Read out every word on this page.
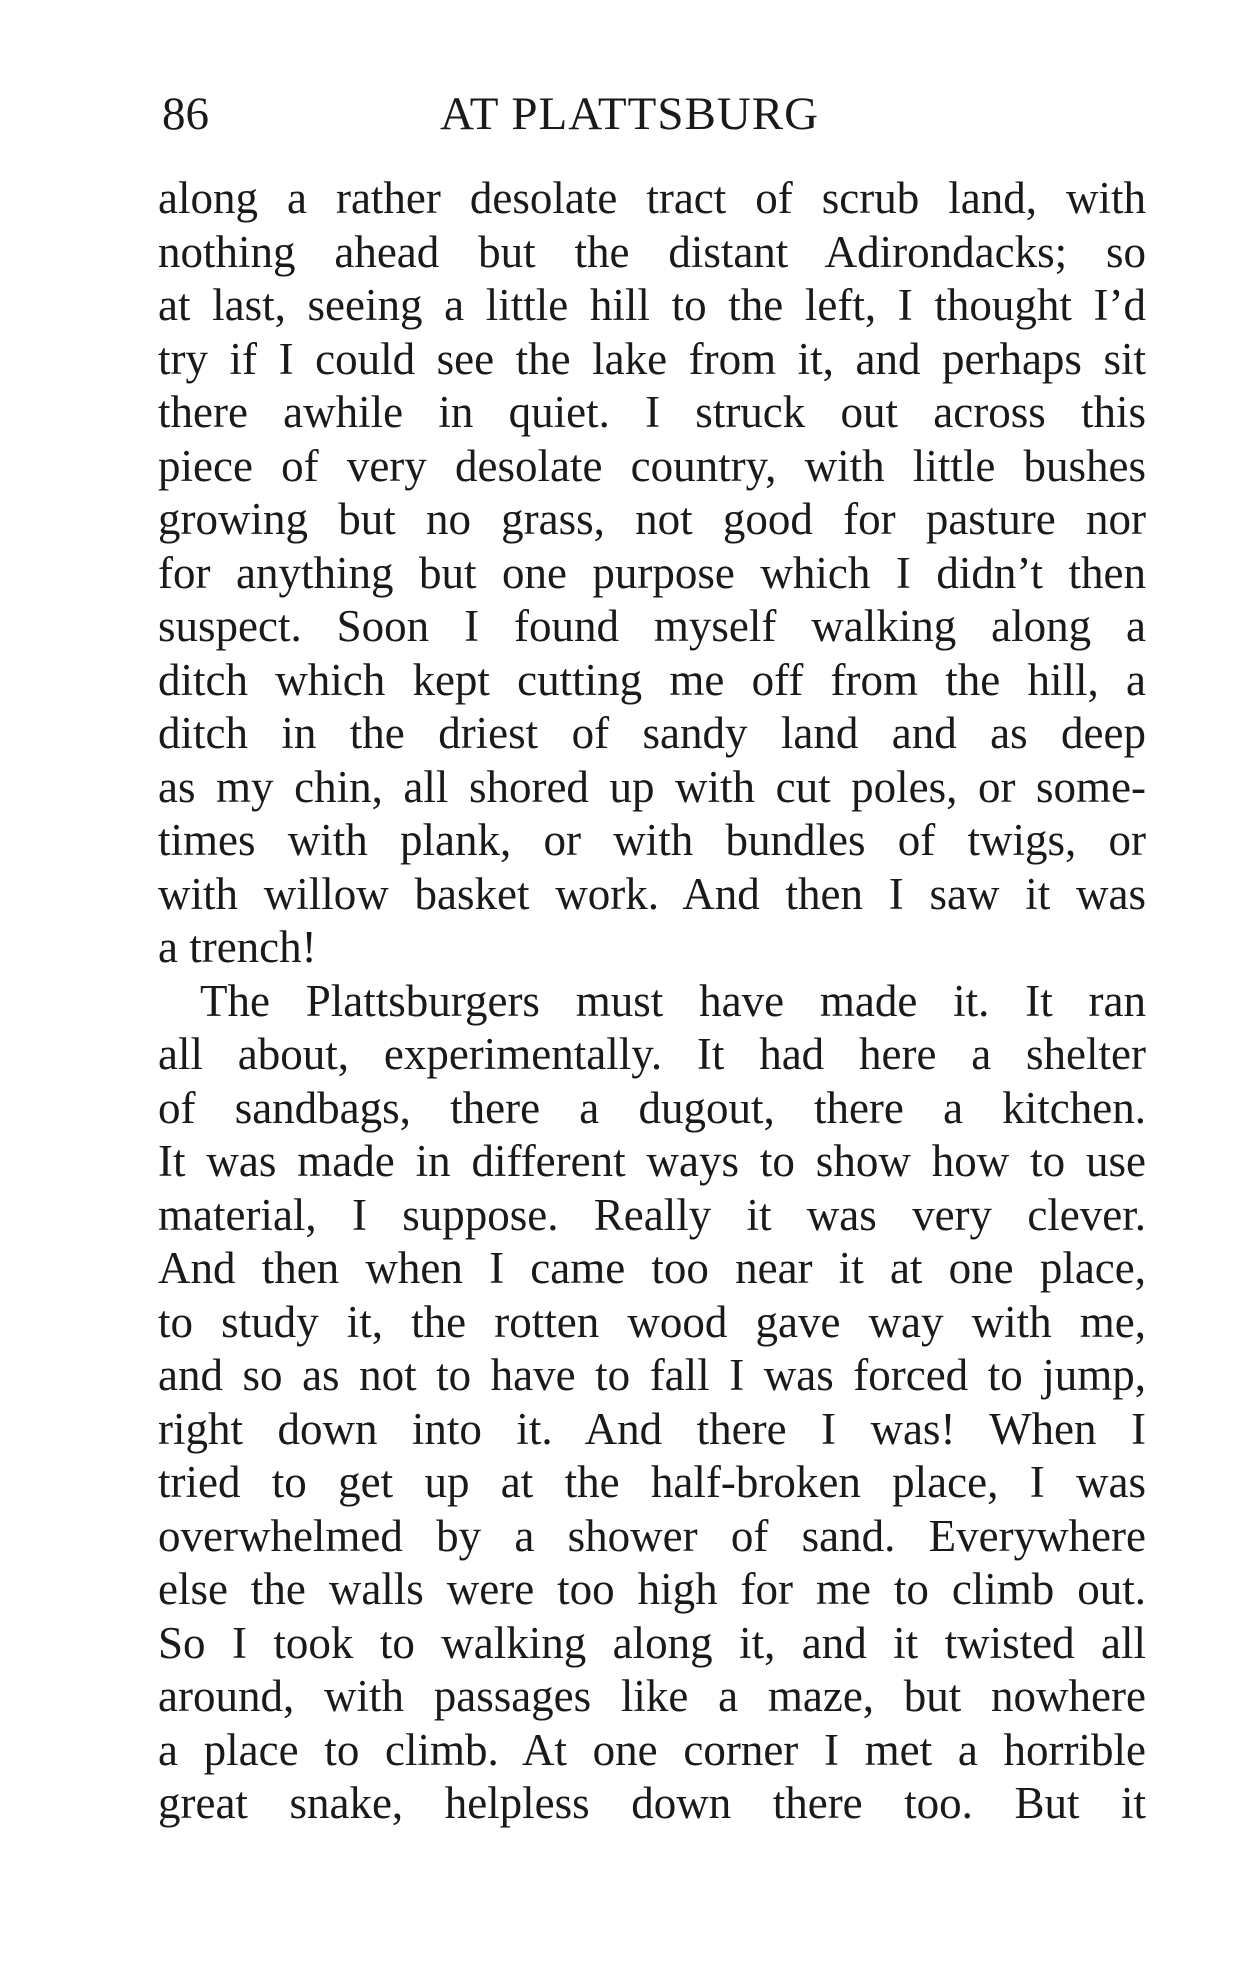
86	AT PLATTSBURG
along a rather desolate tract of scrub land, with
nothing ahead but the distant Adirondacks; so
at last, seeing a little hill to the left, I thought I’d
try if I could see the lake from it, and perhaps sit
there awhile in quiet. I struck out across this
piece of very desolate country, with little bushes
growing but no grass, not good for pasture nor
for anything but one purpose which I didn’t then
suspect. Soon I found myself walking along a
ditch which kept cutting me off from the hill, a
ditch in the driest of sandy land and as deep
as my chin, all shored up with cut poles, or some-
times with plank, or with bundles of twigs, or
with willow basket work. And then I saw it was
a trench!
The Plattsburgers must have made it. It ran
all about, experimentally. It had here a shelter
of sandbags, there a dugout, there a kitchen.
It was made in different ways to show how to use
material, I suppose. Really it was very clever.
And then when I came too near it at one place,
to study it, the rotten wood gave way with me,
and so as not to have to fall I was forced to jump,
right down into it. And there I was! When I
tried to get up at the half-broken place, I was
overwhelmed by a shower of sand. Everywhere
else the walls were too high for me to climb out.
So I took to walking along it, and it twisted all
around, with passages like a maze, but nowhere
a place to climb. At one corner I met a horrible
great snake, helpless down there too. But it
